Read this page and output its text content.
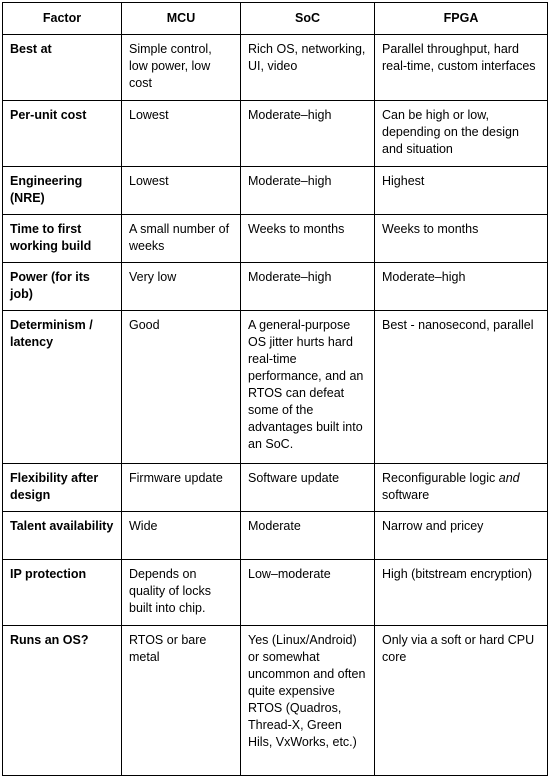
Factor	MCU	SoC	FPGA
Best at	Simple control, low power, low cost	Rich OS, networking, UI, video	Parallel throughput, hard real-time, custom interfaces
Per-unit cost	Lowest	Moderate–high	Can be high or low, depending on the design and situation
Engineering (NRE)	Lowest	Moderate–high	Highest
Time to first working build	A small number of  weeks	Weeks to months	Weeks to months
Power (for its job)	Very low	Moderate–high	Moderate–high
Determinism / latency	Good	A general-purpose OS jitter hurts hard real-time performance, and an RTOS can defeat some of the advantages built into an SoC.	Best - nanosecond, parallel
Flexibility after design	Firmware update	Software update	Reconfigurable logic and software
Talent availability	Wide	Moderate	Narrow and pricey
IP protection	Depends on quality of locks built into chip.	Low–moderate	High (bitstream encryption)
Runs an OS?	RTOS or bare metal	Yes (Linux/Android) or somewhat uncommon and often quite expensive RTOS (Quadros, Thread-X, Green Hils, VxWorks, etc.)	Only via a soft or hard CPU core
